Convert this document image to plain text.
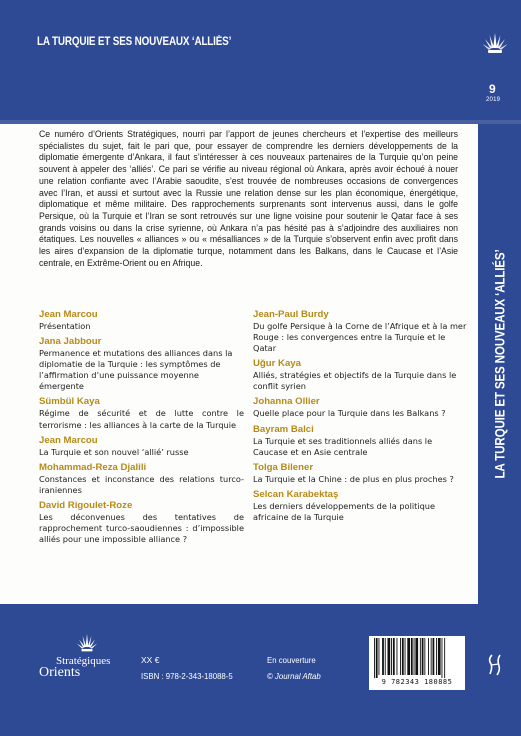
LA TURQUIE ET SES NOUVEAUX ‘ALLIÉS’
9
2019
LA TURQUIE ET SES NOUVEAUX ‘ALLIÉS’

Ce numéro d’Orients Stratégiques, nourri par l’apport de jeunes chercheurs et l’expertise des meilleurs spécialistes du sujet, fait le pari que, pour essayer de comprendre les derniers développements de la diplomatie émergente d’Ankara, il faut s’intéresser à ces nouveaux partenaires de la Turquie qu’on peine souvent à appeler des ‘alliés’. Ce pari se vérifie au niveau régional où Ankara, après avoir échoué à nouer une relation confiante avec l’Arabie saoudite, s’est trouvée de nombreuses occasions de convergences avec l’Iran, et aussi et surtout avec la Russie une relation dense sur les plan économique, énergétique, diplomatique et même militaire. Des rapprochements surprenants sont intervenus aussi, dans le golfe Persique, où la Turquie et l’Iran se sont retrouvés sur une ligne voisine pour soutenir le Qatar face à ses grands voisins ou dans la crise syrienne, où Ankara n’a pas hésité pas à s’adjoindre des auxiliaires non étatiques. Les nouvelles « alliances » ou « mésalliances » de la Turquie s’observent enfin avec profit dans les aires d’expansion de la diplomatie turque, notamment dans les Balkans, dans le Caucase et l’Asie centrale, en Extrême-Orient ou en Afrique.

Jean Marcou
Présentation
Jana Jabbour
Permanence et mutations des alliances dans la diplomatie de la Turquie : les symptômes de l’affirmation d’une puissance moyenne émergente
Sümbül Kaya
Régime de sécurité et de lutte contre le terrorisme : les alliances à la carte de la Turquie
Jean Marcou
La Turquie et son nouvel ‘allié’ russe
Mohammad-Reza Djalili
Constances et inconstance des relations turco-iraniennes
David Rigoulet-Roze
Les déconvenues des tentatives de rapprochement turco-saoudiennes : d’impossible alliés pour une impossible alliance ?
Jean-Paul Burdy
Du golfe Persique à la Corne de l’Afrique et à la mer Rouge : les convergences entre la Turquie et le Qatar
Uğur Kaya
Alliés, stratégies et objectifs de la Turquie dans le conflit syrien
Johanna Ollier
Quelle place pour la Turquie dans les Balkans ?
Bayram Balci
La Turquie et ses traditionnels alliés dans le Caucase et en Asie centrale
Tolga Bilener
La Turquie et la Chine : de plus en plus proches ?
Selcan Karabektaş
Les derniers développements de la politique africaine de la Turquie
Stratégiques
Orients
XX €
ISBN : 978-2-343-18088-5
En couverture
© Journal Aftab
9 782343 180885
